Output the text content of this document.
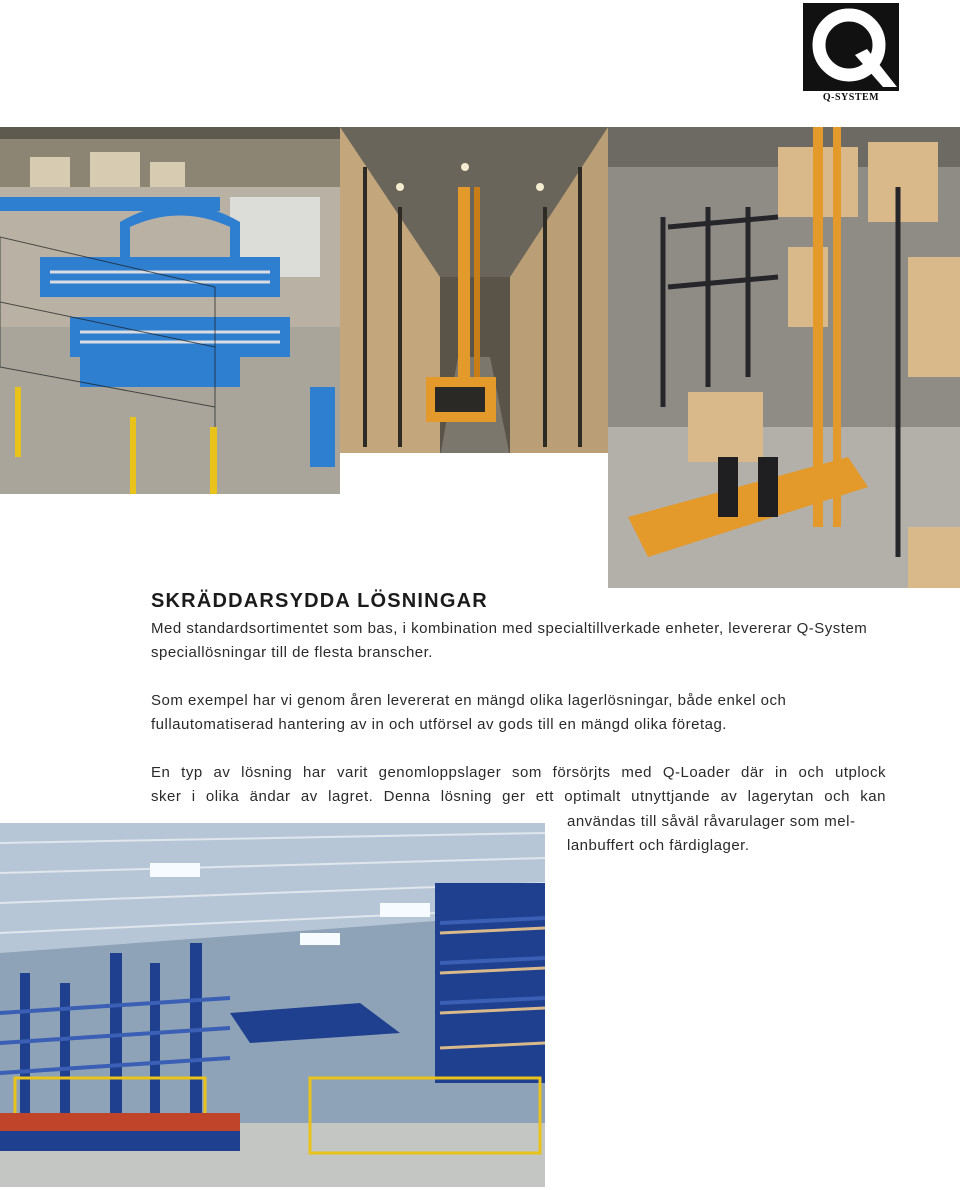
Q-SYSTEM
SKRÄDDARSYDDA LÖSNINGAR

Med standardsortimentet som bas, i kombination med specialtillverkade enheter, levererar Q-System speciallösningar till de flesta branscher.

Som exempel har vi genom åren levererat en mängd olika lagerlösningar, både enkel och fullautomatiserad hantering av in och utförsel av gods till en mängd olika företag.

En typ av lösning har varit genomloppslager som försörjts med Q-Loader där in och utplock

sker i olika ändar av lagret. Denna lösning ger ett optimalt utnyttjande av lagerytan och kan

användas till såväl råvarulager som mel-lanbuffert och färdiglager.
